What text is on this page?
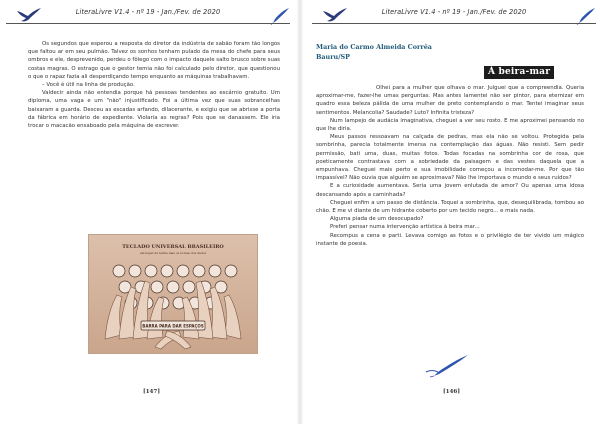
LiteraLivre V1.4 - nº 19 - Jan./Fev. de 2020

Os segundos que esperou a resposta do diretor da indústria de sabão foram tão longos que faltou ar em seu pulmão. Talvez os sonhos tenham pulado da mesa do chefe para seus ombros e ele, desprevenido, perdeu o fôlego com o impacto daquele salto brusco sobre suas costas magras. O estrago que o gestor temia não foi calculado pelo diretor, que questionou o que o rapaz fazia ali desperdiçando tempo enquanto as máquinas trabalhavam.

– Você é útil na linha de produção.

Valdecir ainda não entendia porque há pessoas tendentes ao escárnio gratuito. Um diploma, uma vaga e um "não" injustificado. Foi a última vez que suas sobrancelhas baixaram a guarda. Desceu as escadas arfando, dilacerante, e exigiu que se abrisse a porta da fábrica em horário de expediente. Violaria as regras? Pois que se danassem. Ele iria trocar o macacão ensaboado pela máquina de escrever.

TECLADO UNIVERSAL BRASILEIRO
em lugar de letras mas os nomes dos dedos
BARRA PARA DAR ESPAÇOS
[147]
LiteraLivre V1.4 - nº 19 - Jan./Fev. de 2020
Maria do Carmo Almeida Corrêa
Bauru/SP
À beira-mar

Olhei para a mulher que olhava o mar. Julguei que a compreendia. Queria aproximar-me, fazer-lhe umas perguntas. Mas antes lamentei não ser pintor, para eternizar em quadro essa beleza pálida de uma mulher de preto contemplando o mar. Tentei imaginar seus sentimentos. Melancolia? Saudade? Luto? Infinita tristeza?

Num lampejo de audácia imaginativa, cheguei a ver seu rosto. E me aproximei pensando no que lhe diria.

Meus passos ressoavam na calçada de pedras, mas ela não se voltou. Protegida pela sombrinha, parecia totalmente imersa na contemplação das águas. Não resisti. Sem pedir permissão, bati uma, duas, muitas fotos. Todas focadas na sombrinha cor de rosa, que poeticamente contrastava com a sobriedade da paisagem e das vestes daquela que a empunhava. Cheguei mais perto e sua imobilidade começou a incomodar-me. Por que tão impassível? Não ouvia que alguém se aproximava? Não lhe importava o mundo e seus ruídos?

E a curiosidade aumentava. Seria uma jovem enlutada de amor? Ou apenas uma idosa descansando após a caminhada?

Cheguei enfim a um passo de distância. Toquei a sombrinha, que, desequilibrada, tombou ao chão. E me vi diante de um hidrante coberto por um tecido negro... e mais nada.

Alguma piada de um desocupado?

Preferi pensar numa intervenção artística à beira mar...

Recompus a cena e parti. Levava comigo as fotos e o privilégio de ter vivido um mágico instante de poesia.

[146]
